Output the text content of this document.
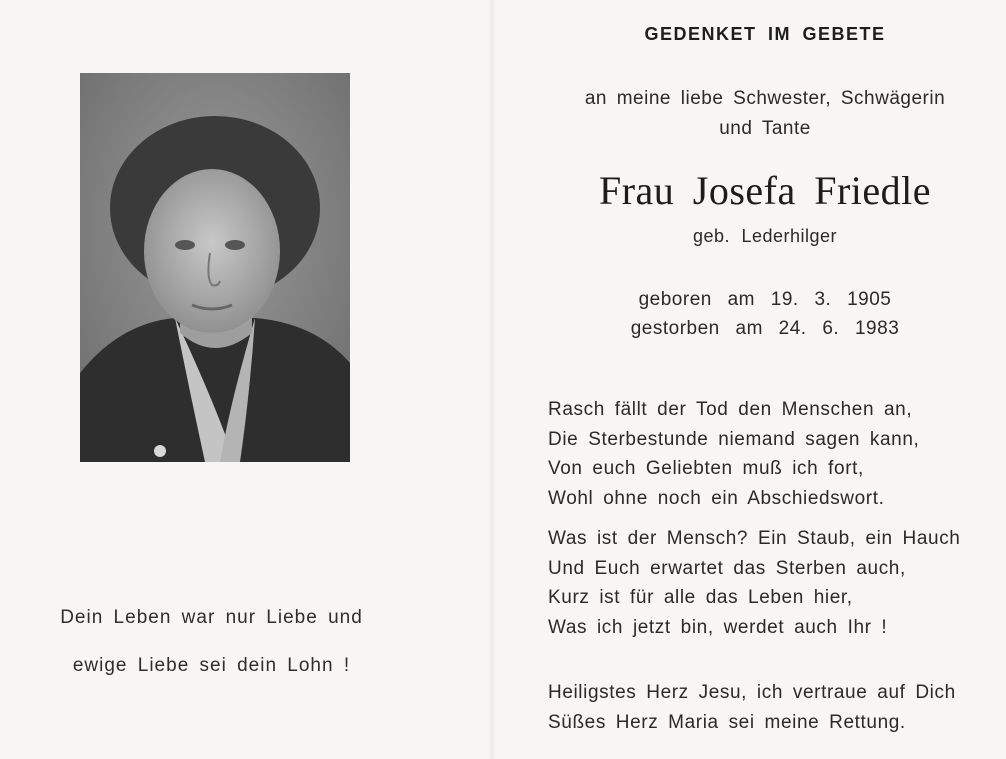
Dein Leben war nur Liebe und
ewige Liebe sei dein Lohn !
GEDENKET IM GEBETE
an meine liebe Schwester, Schwägerin
und Tante
Frau Josefa Friedle
geb. Lederhilger
geboren am 19. 3. 1905
gestorben am 24. 6. 1983
Rasch fällt der Tod den Menschen an,
Die Sterbestunde niemand sagen kann,
Von euch Geliebten muß ich fort,
Wohl ohne noch ein Abschiedswort.
Was ist der Mensch? Ein Staub, ein Hauch
Und Euch erwartet das Sterben auch,
Kurz ist für alle das Leben hier,
Was ich jetzt bin, werdet auch Ihr !
Heiligstes Herz Jesu, ich vertraue auf Dich
Süßes Herz Maria sei meine Rettung.
